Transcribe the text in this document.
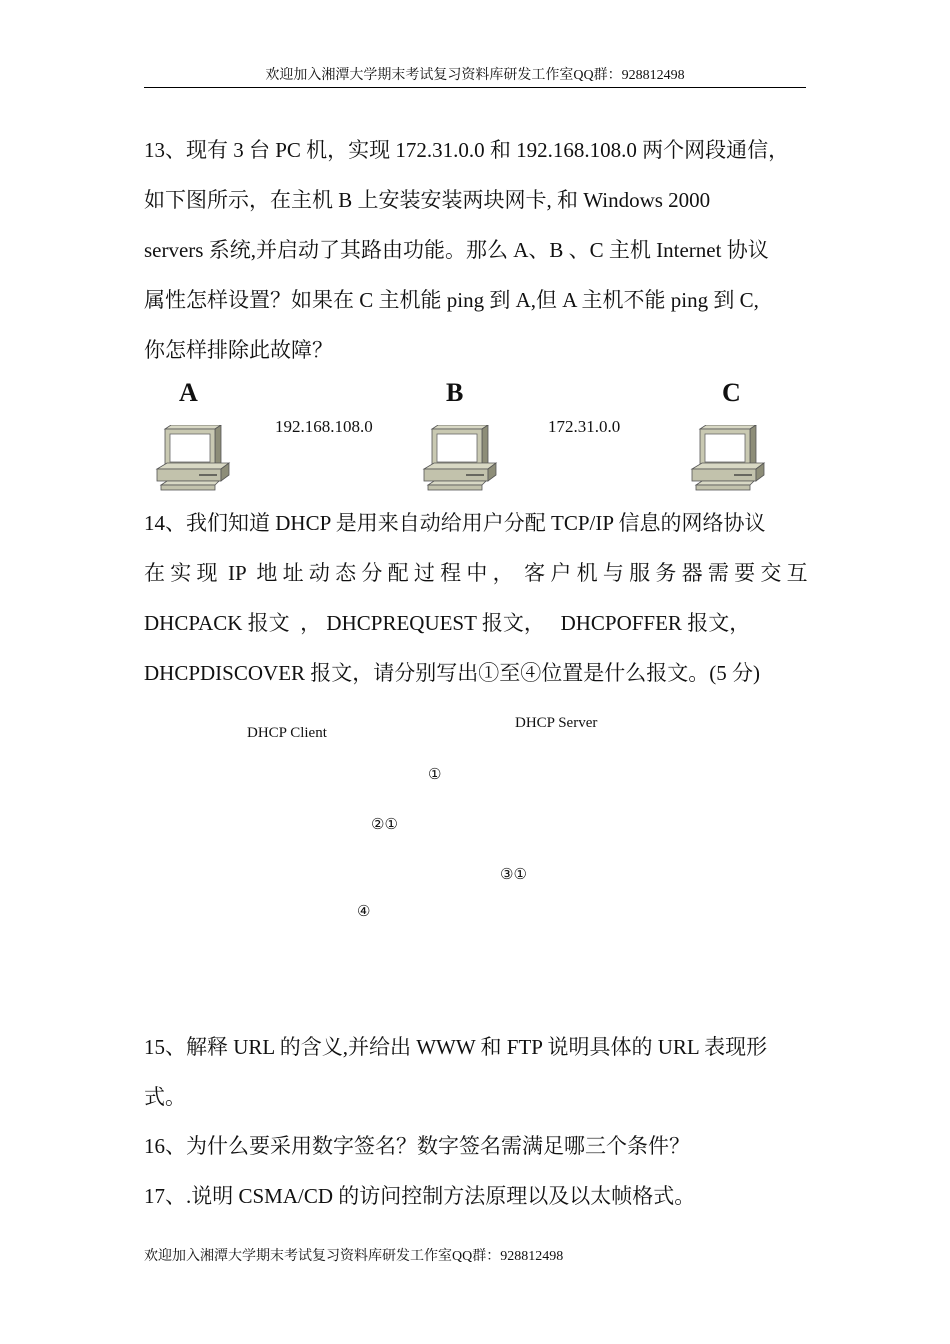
欢迎加入湘潭大学期末考试复习资料库研发工作室QQ群：928812498
13、现有 3 台 PC 机，实现 172.31.0.0 和 192.168.108.0 两个网段通信，
如下图所示，在主机 B 上安装安装两块网卡, 和 Windows 2000
servers 系统,并启动了其路由功能。那么 A、B 、C 主机 Internet 协议
属性怎样设置？如果在 C 主机能 ping 到 A,但 A 主机不能 ping 到 C,
你怎样排除此故障？
A	B	C
192.168.108.0	172.31.0.0
14、我们知道 DHCP 是用来自动给用户分配 TCP/IP 信息的网络协议
在 实 现  IP  地 址 动 态 分 配 过 程 中 ，  客 户 机 与 服 务 器 需 要 交 互
DHCPACK 报文  ， DHCPREQUEST 报文，   DHCPOFFER 报文，
DHCPDISCOVER 报文，请分别写出①至④位置是什么报文。(5 分)
DHCP Client
DHCP Server
①
②①
③①
④
15、解释 URL 的含义,并给出 WWW 和 FTP 说明具体的 URL 表现形
式。
16、为什么要采用数字签名？数字签名需满足哪三个条件？
17、.说明 CSMA/CD 的访问控制方法原理以及以太帧格式。
欢迎加入湘潭大学期末考试复习资料库研发工作室QQ群：928812498
